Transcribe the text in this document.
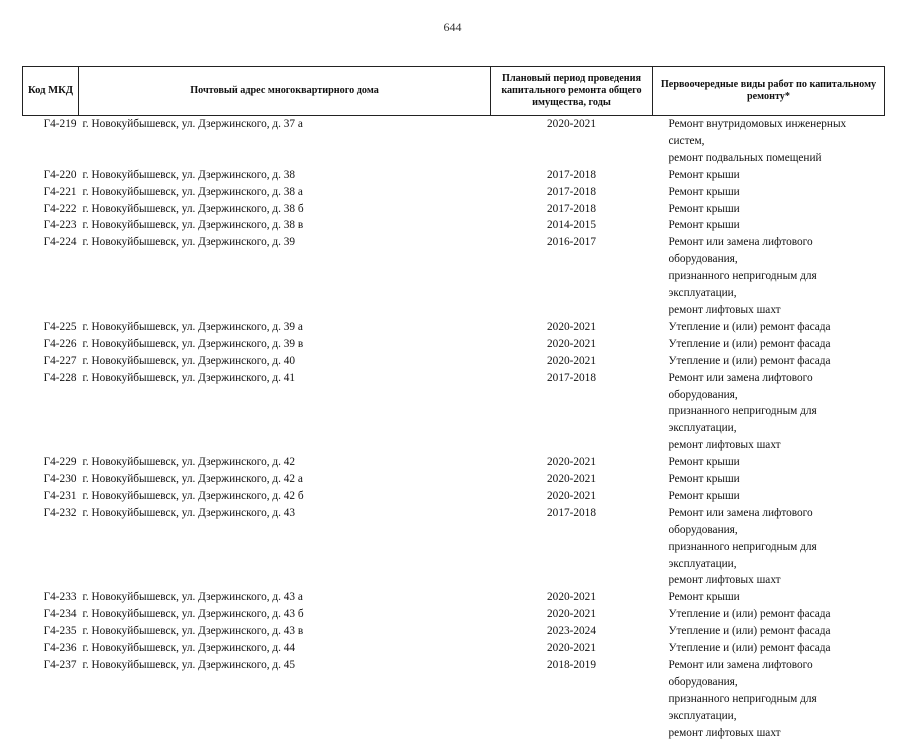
644
Код МКД	Почтовый адрес многоквартирного дома	Плановый период проведения капитального ремонта общего имущества, годы	Первоочередные виды работ по капитальному ремонту*
Г4-219	г. Новокуйбышевск, ул. Дзержинского, д. 37 а	2020-2021	Ремонт внутридомовых инженерных систем,
ремонт подвальных помещений

Г4-220	г. Новокуйбышевск, ул. Дзержинского, д. 38	2017-2018	Ремонт крыши

Г4-221	г. Новокуйбышевск, ул. Дзержинского, д. 38 а	2017-2018	Ремонт крыши

Г4-222	г. Новокуйбышевск, ул. Дзержинского, д. 38 б	2017-2018	Ремонт крыши

Г4-223	г. Новокуйбышевск, ул. Дзержинского, д. 38 в	2014-2015	Ремонт крыши

Г4-224	г. Новокуйбышевск, ул. Дзержинского, д. 39	2016-2017	Ремонт или замена лифтового оборудования,
признанного непригодным для эксплуатации,
ремонт лифтовых шахт

Г4-225	г. Новокуйбышевск, ул. Дзержинского, д. 39 а	2020-2021	Утепление и (или) ремонт фасада

Г4-226	г. Новокуйбышевск, ул. Дзержинского, д. 39 в	2020-2021	Утепление и (или) ремонт фасада

Г4-227	г. Новокуйбышевск, ул. Дзержинского, д. 40	2020-2021	Утепление и (или) ремонт фасада

Г4-228	г. Новокуйбышевск, ул. Дзержинского, д. 41	2017-2018	Ремонт или замена лифтового оборудования,
признанного непригодным для эксплуатации,
ремонт лифтовых шахт

Г4-229	г. Новокуйбышевск, ул. Дзержинского, д. 42	2020-2021	Ремонт крыши

Г4-230	г. Новокуйбышевск, ул. Дзержинского, д. 42 а	2020-2021	Ремонт крыши

Г4-231	г. Новокуйбышевск, ул. Дзержинского, д. 42 б	2020-2021	Ремонт крыши

Г4-232	г. Новокуйбышевск, ул. Дзержинского, д. 43	2017-2018	Ремонт или замена лифтового оборудования,
признанного непригодным для эксплуатации,
ремонт лифтовых шахт

Г4-233	г. Новокуйбышевск, ул. Дзержинского, д. 43 а	2020-2021	Ремонт крыши

Г4-234	г. Новокуйбышевск, ул. Дзержинского, д. 43 б	2020-2021	Утепление и (или) ремонт фасада

Г4-235	г. Новокуйбышевск, ул. Дзержинского, д. 43 в	2023-2024	Утепление и (или) ремонт фасада

Г4-236	г. Новокуйбышевск, ул. Дзержинского, д. 44	2020-2021	Утепление и (или) ремонт фасада

Г4-237	г. Новокуйбышевск, ул. Дзержинского, д. 45	2018-2019	Ремонт или замена лифтового оборудования,
признанного непригодным для эксплуатации,
ремонт лифтовых шахт
